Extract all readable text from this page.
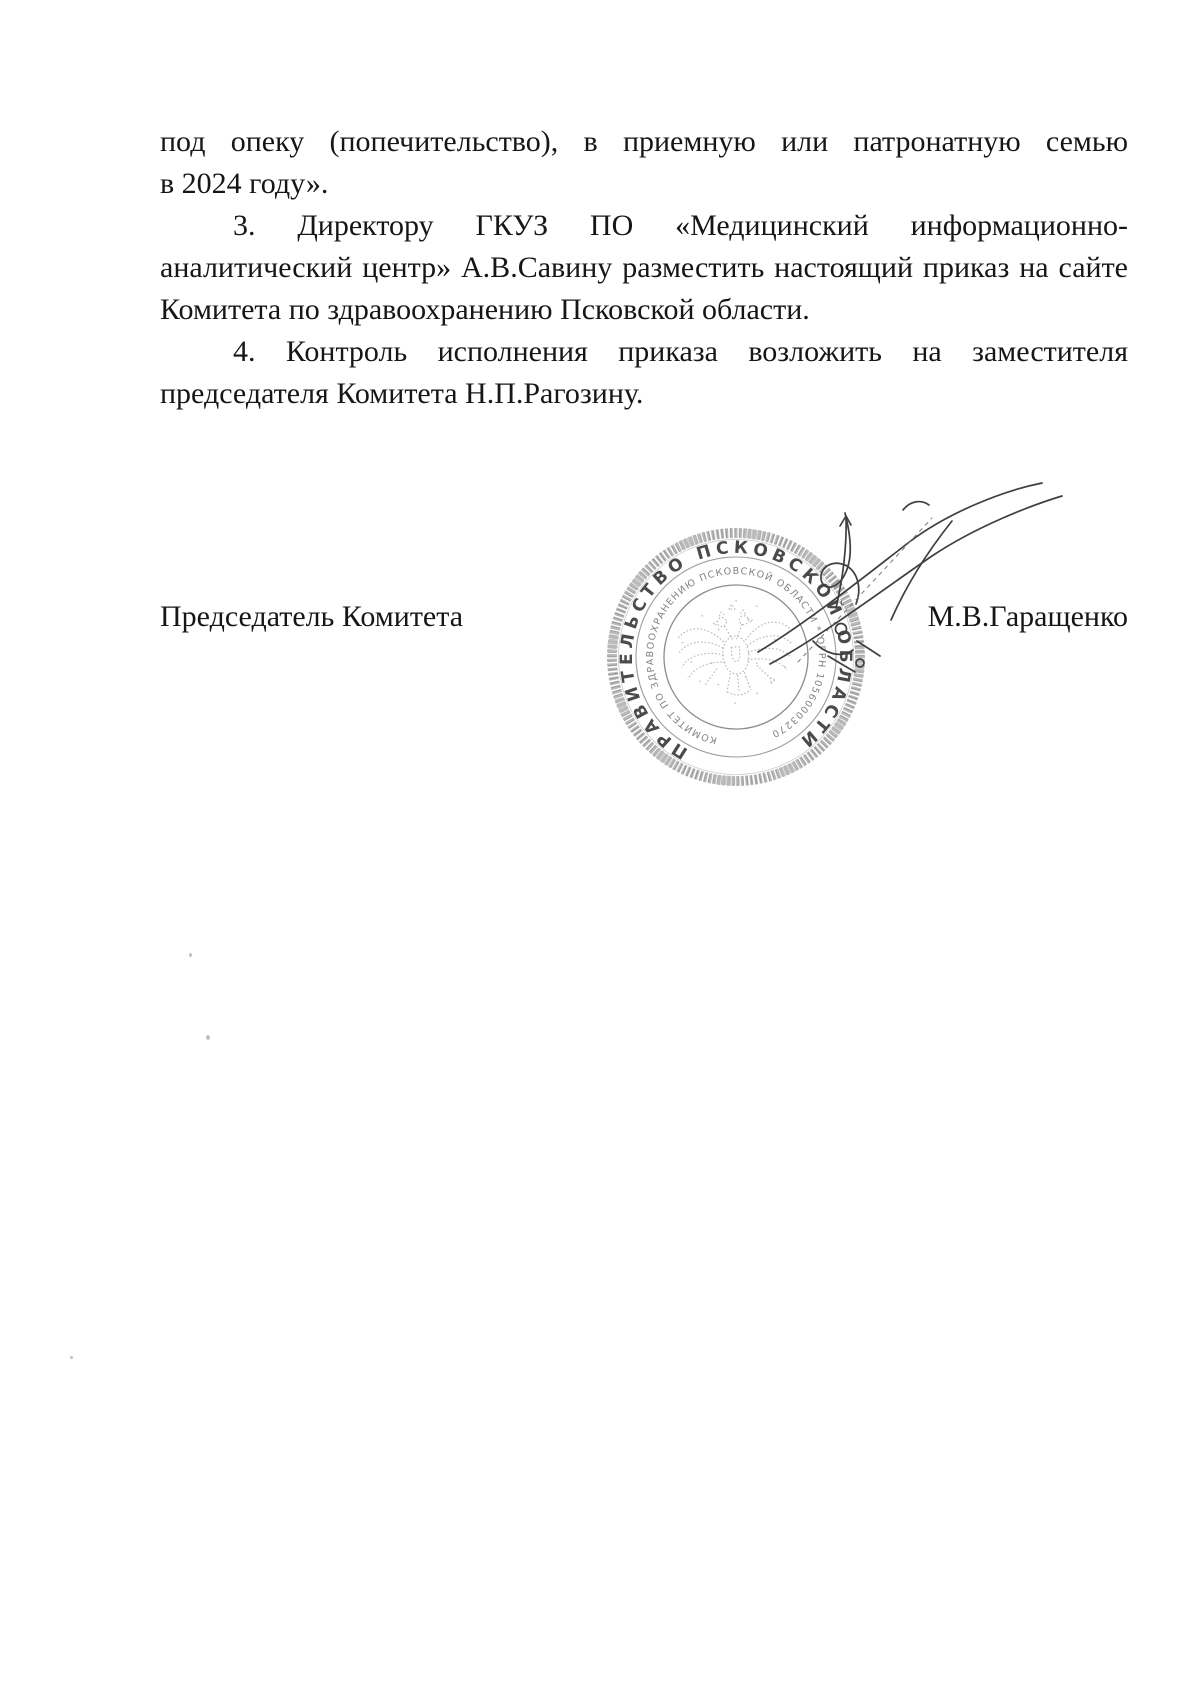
под опеку (попечительство), в приемную или патронатную семью
в 2024 году».
3. Директору ГКУЗ ПО «Медицинский информационно-
аналитический центр» А.В.Савину разместить настоящий приказ на сайте
Комитета по здравоохранению Псковской области.
4. Контроль исполнения приказа возложить на заместителя
председателя Комитета Н.П.Рагозину.
Председатель Комитета	М.В.Гаращенко
ПРАВИТЕЛЬСТВО ПСКОВСКОЙ ОБЛАСТИ
КОМИТЕТ ПО ЗДРАВООХРАНЕНИЮ ПСКОВСКОЙ ОБЛАСТИ * ОГРН 1056000327041
